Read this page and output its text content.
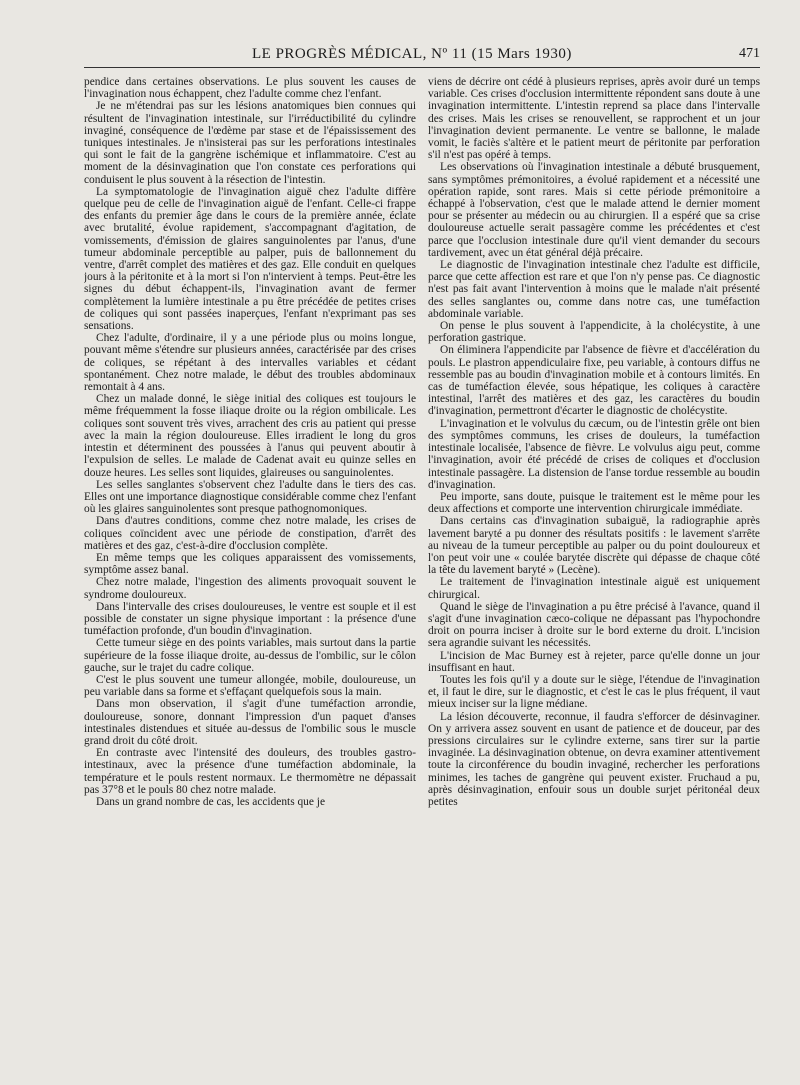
LE PROGRÈS MÉDICAL, Nº 11 (15 Mars 1930)	471

pendice dans certaines observations. Le plus souvent les causes de l'invagination nous échappent, chez l'adulte comme chez l'enfant.

Je ne m'étendrai pas sur les lésions anatomiques bien connues qui résultent de l'invagination intestinale, sur l'irréductibilité du cylindre invaginé, conséquence de l'œdème par stase et de l'épaississement des tuniques intestinales. Je n'insisterai pas sur les perforations intestinales qui sont le fait de la gangrène ischémique et inflammatoire. C'est au moment de la désinvagination que l'on constate ces perforations qui conduisent le plus souvent à la résection de l'intestin.

La symptomatologie de l'invagination aiguë chez l'adulte diffère quelque peu de celle de l'invagination aiguë de l'enfant. Celle-ci frappe des enfants du premier âge dans le cours de la première année, éclate avec brutalité, évolue rapidement, s'accompagnant d'agitation, de vomissements, d'émission de glaires sanguinolentes par l'anus, d'une tumeur abdominale perceptible au palper, puis de ballonnement du ventre, d'arrêt complet des matières et des gaz. Elle conduit en quelques jours à la péritonite et à la mort si l'on n'intervient à temps. Peut-être les signes du début échappent-ils, l'invagination avant de fermer complètement la lumière intestinale a pu être précédée de petites crises de coliques qui sont passées inaperçues, l'enfant n'exprimant pas ses sensations.

Chez l'adulte, d'ordinaire, il y a une période plus ou moins longue, pouvant même s'étendre sur plusieurs années, caractérisée par des crises de coliques, se répétant à des intervalles variables et cédant spontanément. Chez notre malade, le début des troubles abdominaux remontait à 4 ans.

Chez un malade donné, le siège initial des coliques est toujours le même fréquemment la fosse iliaque droite ou la région ombilicale. Les coliques sont souvent très vives, arrachent des cris au patient qui presse avec la main la région douloureuse. Elles irradient le long du gros intestin et déterminent des poussées à l'anus qui peuvent aboutir à l'expulsion de selles. Le malade de Cadenat avait eu quinze selles en douze heures. Les selles sont liquides, glaireuses ou sanguinolentes.

Les selles sanglantes s'observent chez l'adulte dans le tiers des cas. Elles ont une importance diagnostique considérable comme chez l'enfant où les glaires sanguinolentes sont presque pathognomoniques.

Dans d'autres conditions, comme chez notre malade, les crises de coliques coïncident avec une période de constipation, d'arrêt des matières et des gaz, c'est-à-dire d'occlusion complète.

En même temps que les coliques apparaissent des vomissements, symptôme assez banal.

Chez notre malade, l'ingestion des aliments provoquait souvent le syndrome douloureux.

Dans l'intervalle des crises douloureuses, le ventre est souple et il est possible de constater un signe physique important : la présence d'une tuméfaction profonde, d'un boudin d'invagination.

Cette tumeur siège en des points variables, mais surtout dans la partie supérieure de la fosse iliaque droite, au-dessus de l'ombilic, sur le côlon gauche, sur le trajet du cadre colique.

C'est le plus souvent une tumeur allongée, mobile, douloureuse, un peu variable dans sa forme et s'effaçant quelquefois sous la main.

Dans mon observation, il s'agit d'une tuméfaction arrondie, douloureuse, sonore, donnant l'impression d'un paquet d'anses intestinales distendues et située au-dessus de l'ombilic sous le muscle grand droit du côté droit.

En contraste avec l'intensité des douleurs, des troubles gastro-intestinaux, avec la présence d'une tuméfaction abdominale, la température et le pouls restent normaux. Le thermomètre ne dépassait pas 37°8 et le pouls 80 chez notre malade.

Dans un grand nombre de cas, les accidents que je

viens de décrire ont cédé à plusieurs reprises, après avoir duré un temps variable. Ces crises d'occlusion intermittente répondent sans doute à une invagination intermittente. L'intestin reprend sa place dans l'intervalle des crises. Mais les crises se renouvellent, se rapprochent et un jour l'invagination devient permanente. Le ventre se ballonne, le malade vomit, le faciès s'altère et le patient meurt de péritonite par perforation s'il n'est pas opéré à temps.

Les observations où l'invagination intestinale a débuté brusquement, sans symptômes prémonitoires, a évolué rapidement et a nécessité une opération rapide, sont rares. Mais si cette période prémonitoire a échappé à l'observation, c'est que le malade attend le dernier moment pour se présenter au médecin ou au chirurgien. Il a espéré que sa crise douloureuse actuelle serait passagère comme les précédentes et c'est parce que l'occlusion intestinale dure qu'il vient demander du secours tardivement, avec un état général déjà précaire.

Le diagnostic de l'invagination intestinale chez l'adulte est difficile, parce que cette affection est rare et que l'on n'y pense pas. Ce diagnostic n'est pas fait avant l'intervention à moins que le malade n'ait présenté des selles sanglantes ou, comme dans notre cas, une tuméfaction abdominale variable.

On pense le plus souvent à l'appendicite, à la cholécystite, à une perforation gastrique.

On éliminera l'appendicite par l'absence de fièvre et d'accélération du pouls. Le plastron appendiculaire fixe, peu variable, à contours diffus ne ressemble pas au boudin d'invagination mobile et à contours limités. En cas de tuméfaction élevée, sous hépatique, les coliques à caractère intestinal, l'arrêt des matières et des gaz, les caractères du boudin d'invagination, permettront d'écarter le diagnostic de cholécystite.

L'invagination et le volvulus du cæcum, ou de l'intestin grêle ont bien des symptômes communs, les crises de douleurs, la tuméfaction intestinale localisée, l'absence de fièvre. Le volvulus aigu peut, comme l'invagination, avoir été précédé de crises de coliques et d'occlusion intestinale passagère. La distension de l'anse tordue ressemble au boudin d'invagination.

Peu importe, sans doute, puisque le traitement est le même pour les deux affections et comporte une intervention chirurgicale immédiate.

Dans certains cas d'invagination subaiguë, la radiographie après lavement baryté a pu donner des résultats positifs : le lavement s'arrête au niveau de la tumeur perceptible au palper ou du point douloureux et l'on peut voir une « coulée barytée discrète qui dépasse de chaque côté la tête du lavement baryté » (Lecène).

Le traitement de l'invagination intestinale aiguë est uniquement chirurgical.

Quand le siège de l'invagination a pu être précisé à l'avance, quand il s'agit d'une invagination cæco-colique ne dépassant pas l'hypochondre droit on pourra inciser à droite sur le bord externe du droit. L'incision sera agrandie suivant les nécessités.

L'incision de Mac Burney est à rejeter, parce qu'elle donne un jour insuffisant en haut.

Toutes les fois qu'il y a doute sur le siège, l'étendue de l'invagination et, il faut le dire, sur le diagnostic, et c'est le cas le plus fréquent, il vaut mieux inciser sur la ligne médiane.

La lésion découverte, reconnue, il faudra s'efforcer de désinvaginer. On y arrivera assez souvent en usant de patience et de douceur, par des pressions circulaires sur le cylindre externe, sans tirer sur la partie invaginée. La désinvagination obtenue, on devra examiner attentivement toute la circonférence du boudin invaginé, rechercher les perforations minimes, les taches de gangrène qui peuvent exister. Fruchaud a pu, après désinvagination, enfouir sous un double surjet péritonéal deux petites
